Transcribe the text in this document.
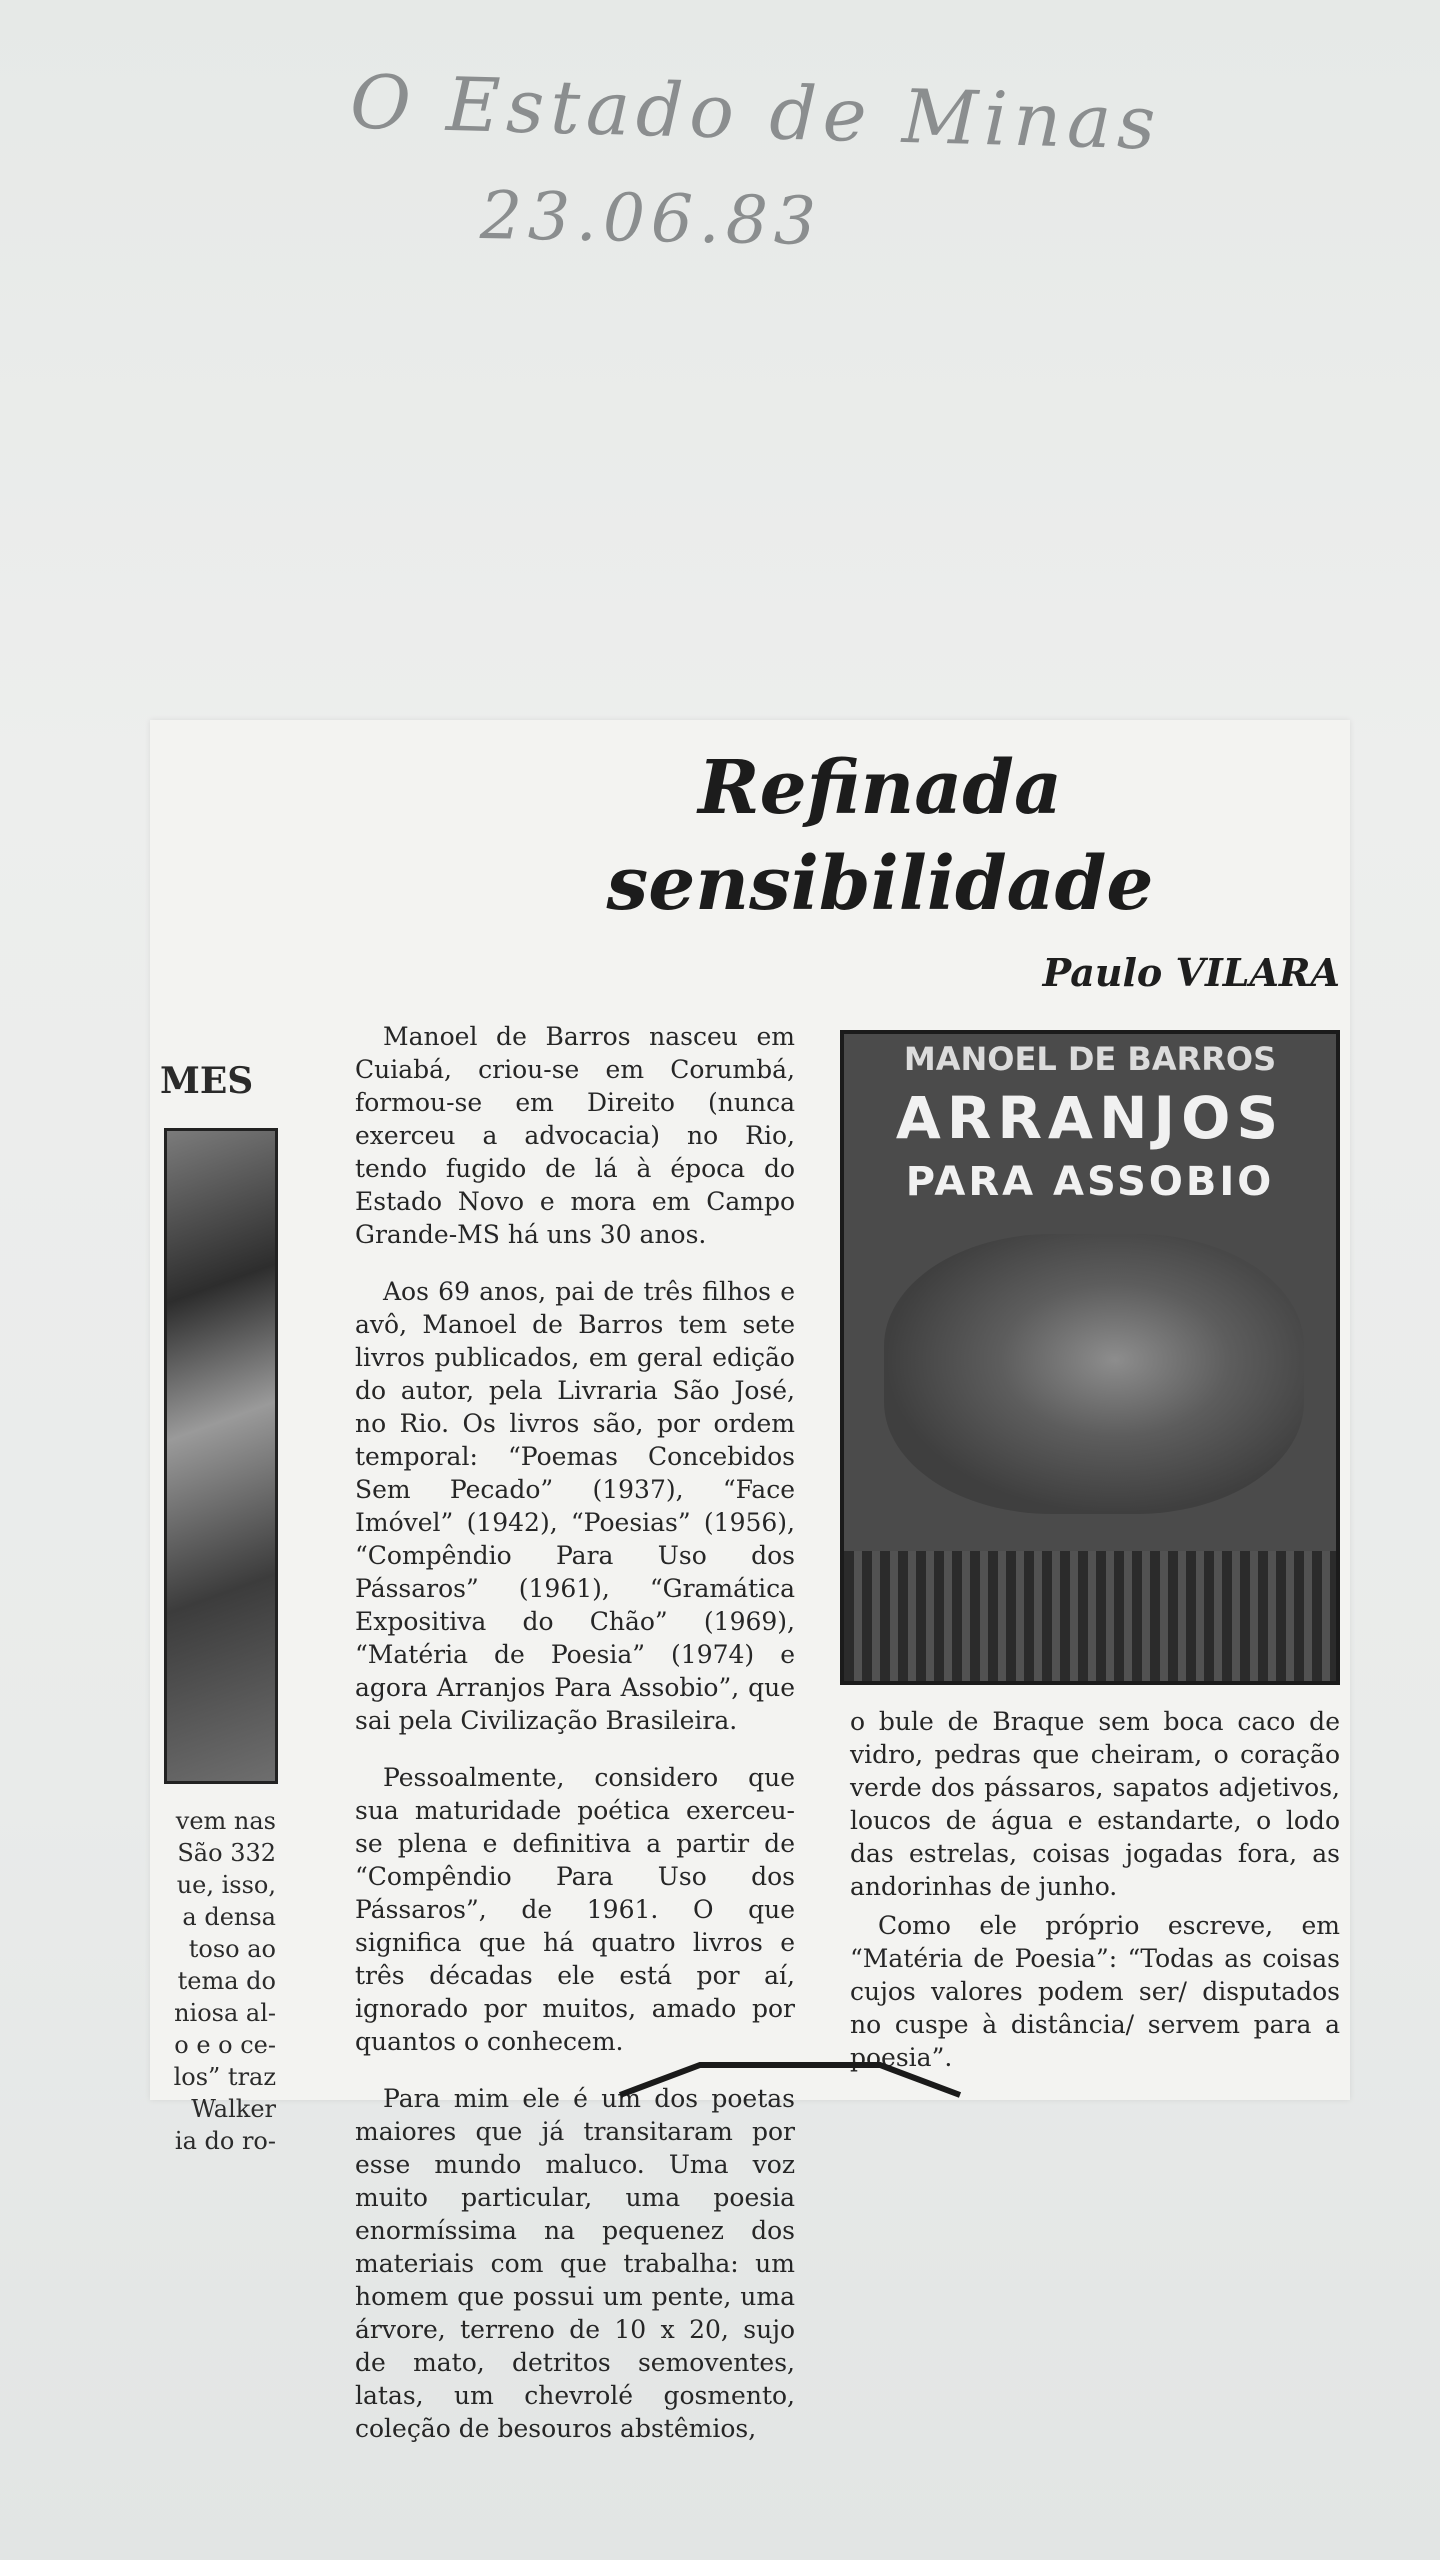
O Estado de Minas
23.06.83
Refinada
sensibilidade
Paulo VILARA
MES
vem nas
São 332
ue, isso,
a densa
toso ao
tema do
niosa al-
o e o ce-
los” traz
Walker
ia do ro-

Manoel de Barros nasceu em Cuiabá, criou-se em Corumbá, formou-se em Direito (nunca exerceu a advocacia) no Rio, tendo fugido de lá à época do Estado Novo e mora em Campo Grande-MS há uns 30 anos.

Aos 69 anos, pai de três filhos e avô, Manoel de Barros tem sete livros publicados, em geral edição do autor, pela Livraria São José, no Rio. Os livros são, por ordem temporal: “Poemas Concebidos Sem Pecado” (1937), “Face Imóvel” (1942), “Poesias” (1956), “Compêndio Para Uso dos Pássaros” (1961), “Gramática Expositiva do Chão” (1969), “Matéria de Poesia” (1974) e agora Arranjos Para Assobio”, que sai pela Civilização Brasileira.

Pessoalmente, considero que sua maturidade poética exerceu-se plena e definitiva a partir de “Compêndio Para Uso dos Pássaros”, de 1961. O que significa que há quatro livros e três décadas ele está por aí, ignorado por muitos, amado por quantos o conhecem.

Para mim ele é um dos poetas maiores que já transitaram por esse mundo maluco. Uma voz muito particular, uma poesia enormíssima na pequenez dos materiais com que trabalha: um homem que possui um pente, uma árvore, terreno de 10 x 20, sujo de mato, detritos semoventes, latas, um chevrolé gosmento, coleção de besouros abstêmios,

MANOEL DE BARROS
ARRANJOS
PARA ASSOBIO

o bule de Braque sem boca caco de vidro, pedras que cheiram, o coração verde dos pássaros, sapatos adjetivos, loucos de água e estandarte, o lodo das estrelas, coisas jogadas fora, as andorinhas de junho.

Como ele próprio escreve, em “Matéria de Poesia”: “Todas as coisas cujos valores podem ser/ disputados no cuspe à distância/ servem para a poesia”.
